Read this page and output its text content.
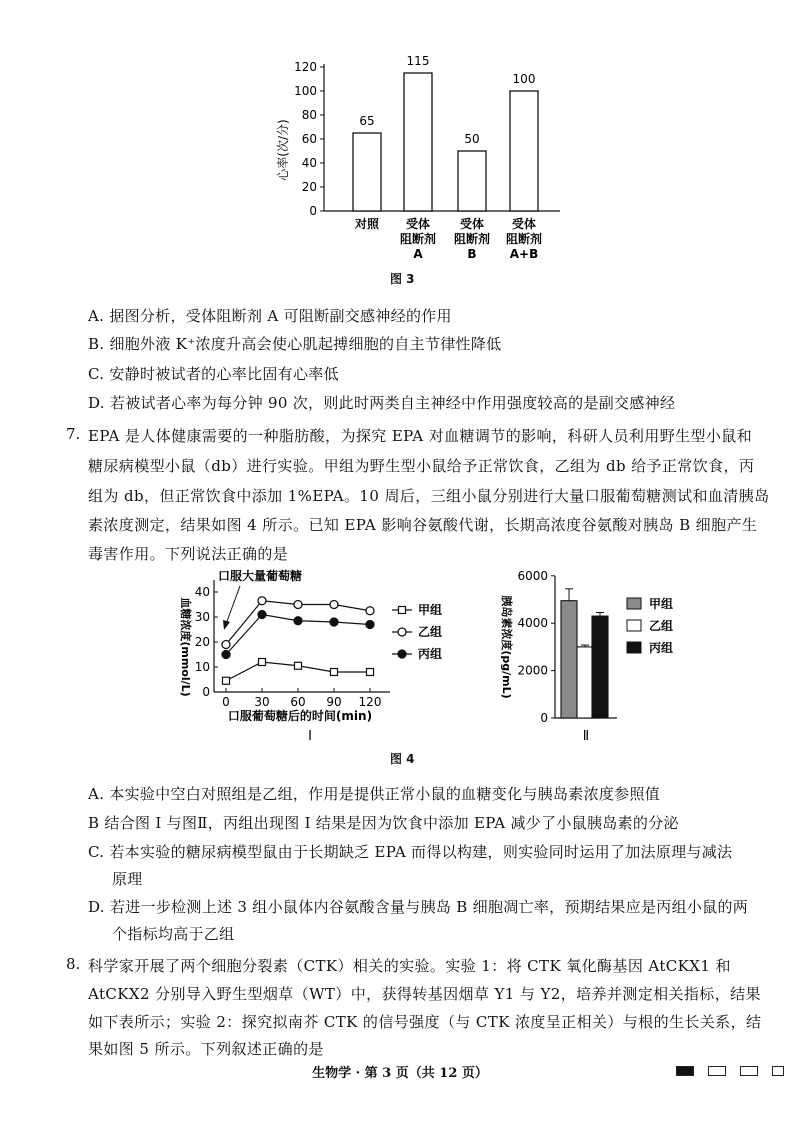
心率(次/分)
0
20
40
60
80
100
120
65
对照
115
受体
阻断剂
A
50
受体
阻断剂
B
100
受体
阻断剂
A+B
图 3
A. 据图分析，受体阻断剂 A 可阻断副交感神经的作用
B. 细胞外液 K⁺浓度升高会使心肌起搏细胞的自主节律性降低
C. 安静时被试者的心率比固有心率低
D. 若被试者心率为每分钟 90 次，则此时两类自主神经中作用强度较高的是副交感神经
7. EPA 是人体健康需要的一种脂肪酸，为探究 EPA 对血糖调节的影响，科研人员利用野生型小鼠和
糖尿病模型小鼠（db）进行实验。甲组为野生型小鼠给予正常饮食，乙组为 db 给予正常饮食，丙
组为 db，但正常饮食中添加 1%EPA。10 周后，三组小鼠分别进行大量口服葡萄糖测试和血清胰岛
素浓度测定，结果如图 4 所示。已知 EPA 影响谷氨酸代谢，长期高浓度谷氨酸对胰岛 B 细胞产生
毒害作用。下列说法正确的是
口服大量葡萄糖
血糖浓度(mmol/L) 0
10
20
30
40
0 30 60 90 120
甲组
乙组
丙组
口服葡萄糖后的时间(min)
I
胰岛素浓度(pg/mL)
0
2000
4000
6000
甲组
乙组
丙组
Ⅱ
图 4
A. 本实验中空白对照组是乙组，作用是提供正常小鼠的血糖变化与胰岛素浓度参照值
B 结合图 I 与图Ⅱ，丙组出现图 I 结果是因为饮食中添加 EPA 减少了小鼠胰岛素的分泌
C. 若本实验的糖尿病模型鼠由于长期缺乏 EPA 而得以构建，则实验同时运用了加法原理与减法
原理
D. 若进一步检测上述 3 组小鼠体内谷氨酸含量与胰岛 B 细胞凋亡率，预期结果应是丙组小鼠的两
个指标均高于乙组
8. 科学家开展了两个细胞分裂素（CTK）相关的实验。实验 1：将 CTK 氧化酶基因 AtCKX1 和
AtCKX2 分别导入野生型烟草（WT）中，获得转基因烟草 Y1 与 Y2，培养并测定相关指标，结果
如下表所示；实验 2：探究拟南芥 CTK 的信号强度（与 CTK 浓度呈正相关）与根的生长关系，结
果如图 5 所示。下列叙述正确的是
生物学 · 第 3 页（共 12 页）
